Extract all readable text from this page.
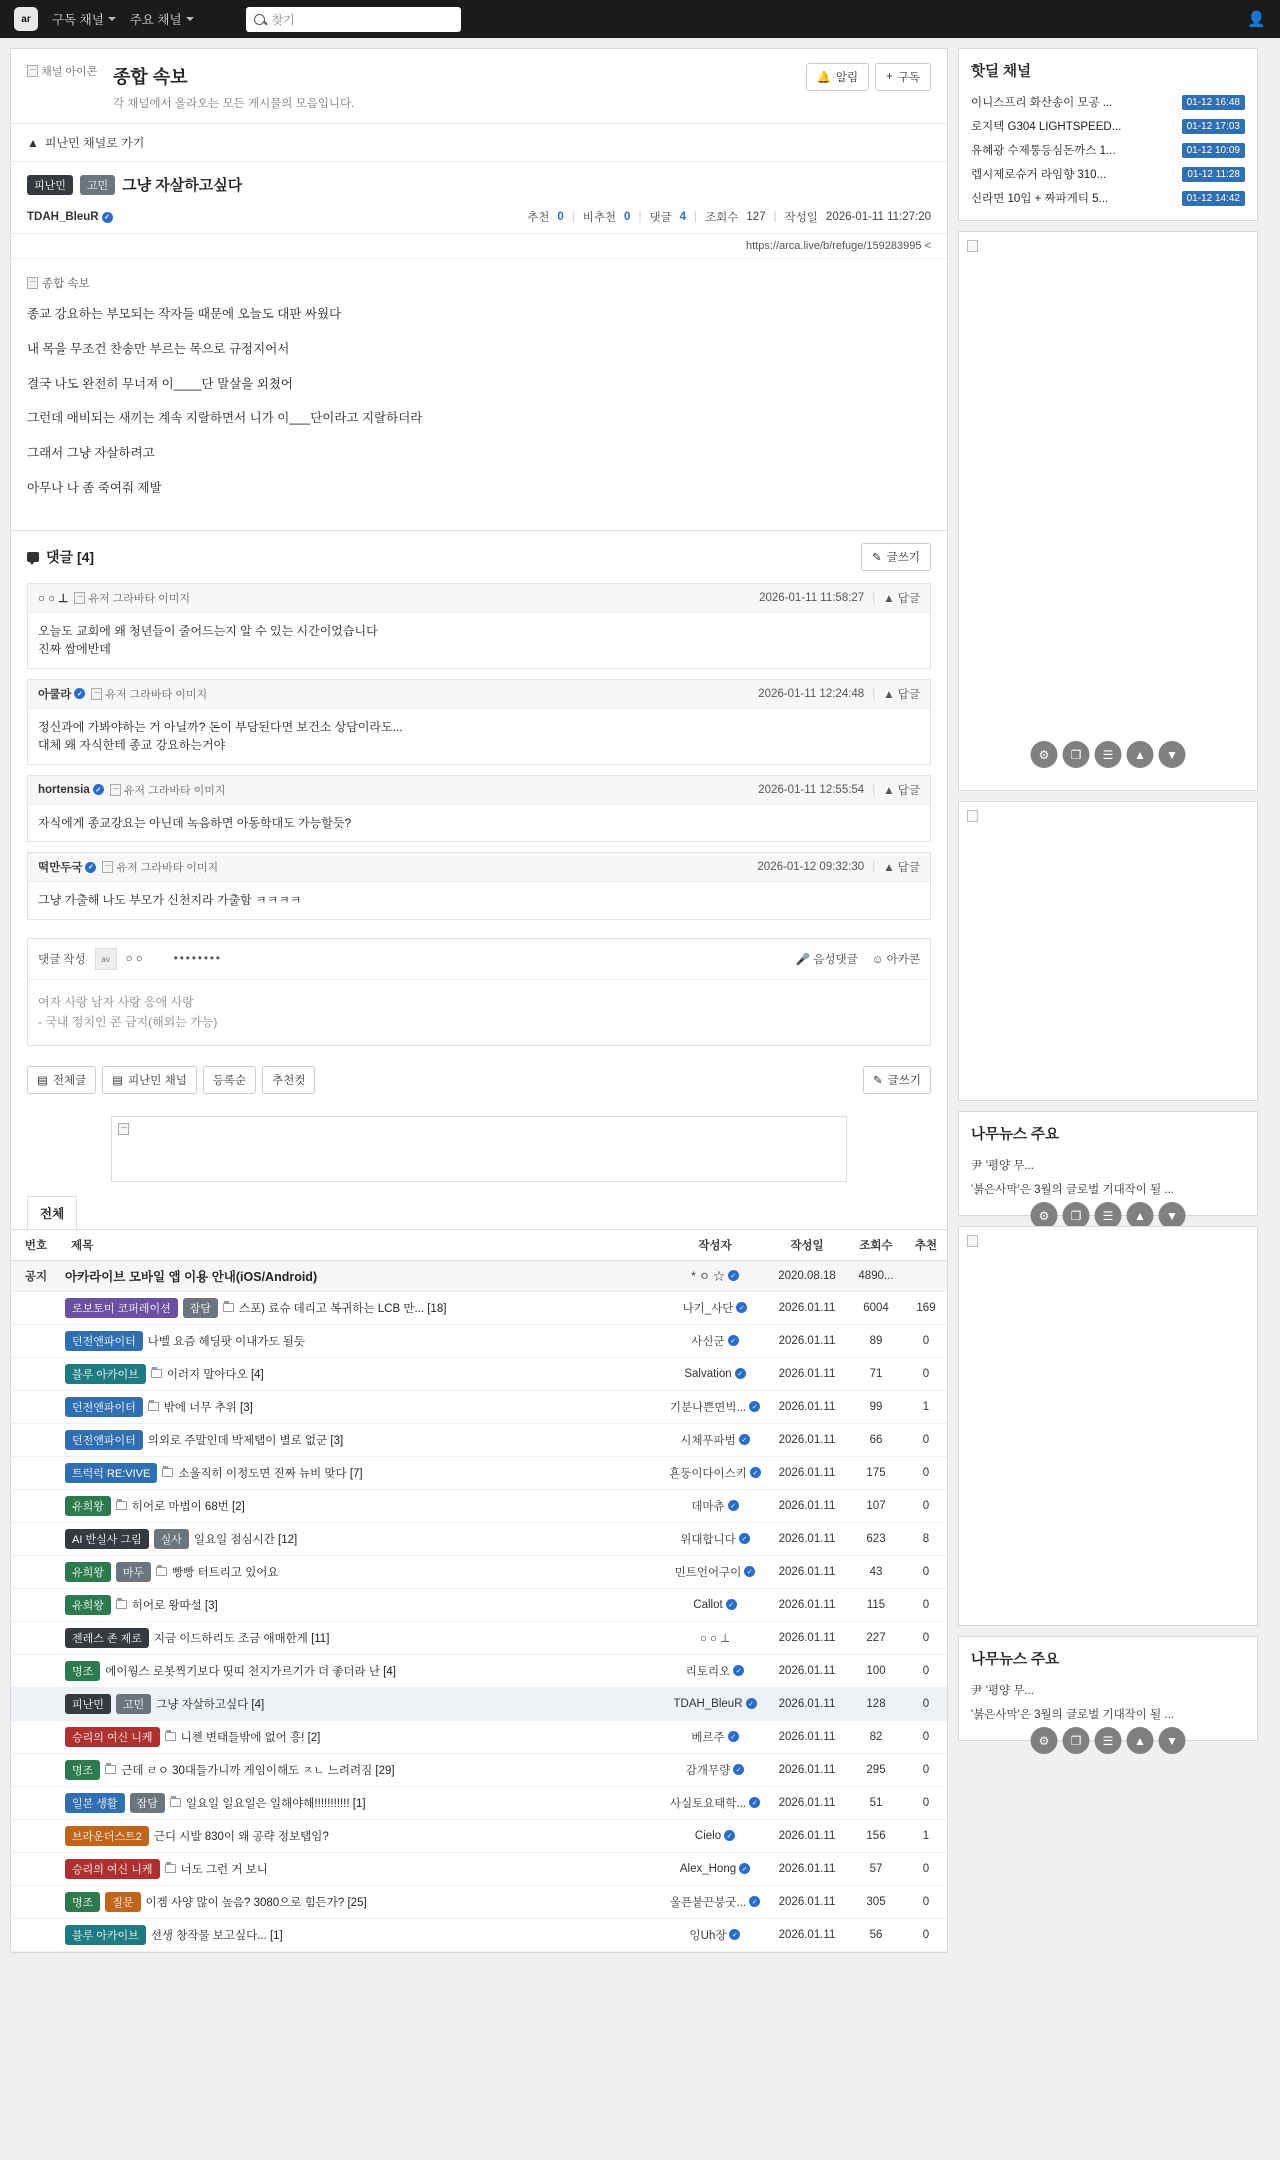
ar 구독 채널 주요 채널	찾기	👤
채널 아이콘 종합 속보
각 채널에서 올라오는 모든 게시물의 모음입니다.
🔔 알림 + 구독
▲ 피난민 채널로 가기
피난민	고민 그냥 자살하고싶다
TDAH_BleuR ✓	추천 0 | 비추천 0 | 댓글 4 | 조회수 127 | 작성일 2026-01-11 11:27:20
https://arca.live/b/refuge/159283995 <
종합 속보

종교 강요하는 부모되는 작자들 때문에 오늘도 대판 싸웠다

내 목을 무조건 찬송만 부르는 목으로 규정지어서

결국 나도 완전히 무너져 이____단 말살을 외쳤어

그런데 애비되는 새끼는 계속 지랄하면서 니가 이___단이라고 지랄하더라

그래서 그냥 자살하려고

아무나 나 좀 죽여줘 제발

댓글 [4]	✎ 글쓰기
○ ○ ⊥ 유저 그라바타 이미지	2026-01-11 11:58:27 | ▲ 답글
오늘도 교회에 왜 청년들이 줄어드는지 알 수 있는 시간이었습니다
진짜 쌈에반데
아쿨라 ✓ 유저 그라바타 이미지	2026-01-11 12:24:48 | ▲ 답글
정신과에 가봐야하는 거 아닐까? 돈이 부담된다면 보건소 상담이라도...
대체 왜 자식한테 종교 강요하는거야
hortensia ✓ 유저 그라바타 이미지	2026-01-11 12:55:54 | ▲ 답글
자식에게 종교강요는 아닌데 녹음하면 아동학대도 가능할듯?
떡만두국 ✓ 유저 그라바타 이미지	2026-01-12 09:32:30 | ▲ 답글
그냥 가출해 나도 부모가 신천지라 가출함 ㅋㅋㅋㅋ
댓글 작성 av ○ ○	••••••••	🎤 음성댓글 ☺ 아카콘
여자 사랑 남자 사랑 응애 사랑
- 국내 정치인 콘 금지(해외는 가능)
▤ 전체글 ▤ 피난민 채널 등록순 추천컷	✎ 글쓰기
전체
번호	제목	작성자	작성일	조회수	추천
공지	아카라이브 모바일 앱 이용 안내(iOS/Android)	* ㅇ ☆ ✓	2020.08.18	4890...	

	로보토미 코퍼레이션 잡담 스포) 료슈 데리고 복귀하는 LCB 만... [18]	나기_사단 ✓	2026.01.11	6004	169

	던전앤파이터 나벨 요즘 헤딩팟 이내가도 될듯	사신군 ✓	2026.01.11	89	0

	블루 아카이브 이러지 말아다오 [4]	Salvation ✓	2026.01.11	71	0

	던전앤파이터 밖에 너무 추위 [3]	기분나쁜면빅... ✓	2026.01.11	99	1

	던전앤파이터 의외로 주말인데 박제탭이 별로 없군 [3]	시체푸파범 ✓	2026.01.11	66	0

	트럭럭 RE:VIVE 소울직히 이정도면 진짜 뉴비 맞다 [7]	횬둥이다이스키 ✓	2026.01.11	175	0

	유희왕 히어로 마법이 68번 [2]	데마츄 ✓	2026.01.11	107	0

	AI 반실사 그림 실사 일요일 점심시간 [12]	위대합니다 ✓	2026.01.11	623	8

	유희왕 마두 빵빵 터트리고 있어요	민트언어구이 ✓	2026.01.11	43	0

	유희왕 히어로 왕따설 [3]	Callot ✓	2026.01.11	115	0

	젠레스 존 제로 지금 이드하리도 조금 애매한게 [11]	○ ○ ⊥	2026.01.11	227	0

	명조 에이웡스 로봇찍기보다 띳띠 천지가르기가 더 좋더라 난 [4]	리토리오 ✓	2026.01.11	100	0

	피난민 고민 그냥 자살하고싶다 [4]	TDAH_BleuR ✓	2026.01.11	128	0

	승리의 여신 니케 니첸 변태들밖에 없어 흥! [2]	베르주 ✓	2026.01.11	82	0

	명조 근데 ㄹㅇ 30대들가니까 게임이해도 ㅈㄴ 느려려짐 [29]	감개무량 ✓	2026.01.11	295	0

	일본 생활 잡담 일요일 일요일은 일해야해!!!!!!!!!!! [1]	사실토요태학... ✓	2026.01.11	51	0

	브라운더스트2 근디 시발 830이 왜 공략 정보탭임?	Cielo ✓	2026.01.11	156	1

	승리의 여신 니케 너도 그런 거 보니	Alex_Hong ✓	2026.01.11	57	0

	명조 질문 이겜 사양 많이 높음? 3080으로 힘든가? [25]	울픈붙끈붕굿... ✓	2026.01.11	305	0

	블루 아카이브 선생 창작물 보고싶다... [1]	잉Uh장 ✓	2026.01.11	56	0
핫딜 채널
이니스프리 화산송이 모공 ...	01-12 16:48
로지텍 G304 LIGHTSPEED...	01-12 17:03
유혜광 수제통등심돈까스 1...	01-12 10:09
렙시제로슈거 라임향 310...	01-12 11:28
신라면 10입 + 짜파게티 5...	01-12 14:42
⚙	❐	☰	▲	▼
나무뉴스 주요
尹 '평양 무...
'붉은사막'은 3월의 글로벌 기대작이 될 ...
⚙	❐	☰	▲	▼
나무뉴스 주요
尹 '평양 무...
'붉은사막'은 3월의 글로벌 기대작이 될 ...
⚙	❐	☰	▲	▼
